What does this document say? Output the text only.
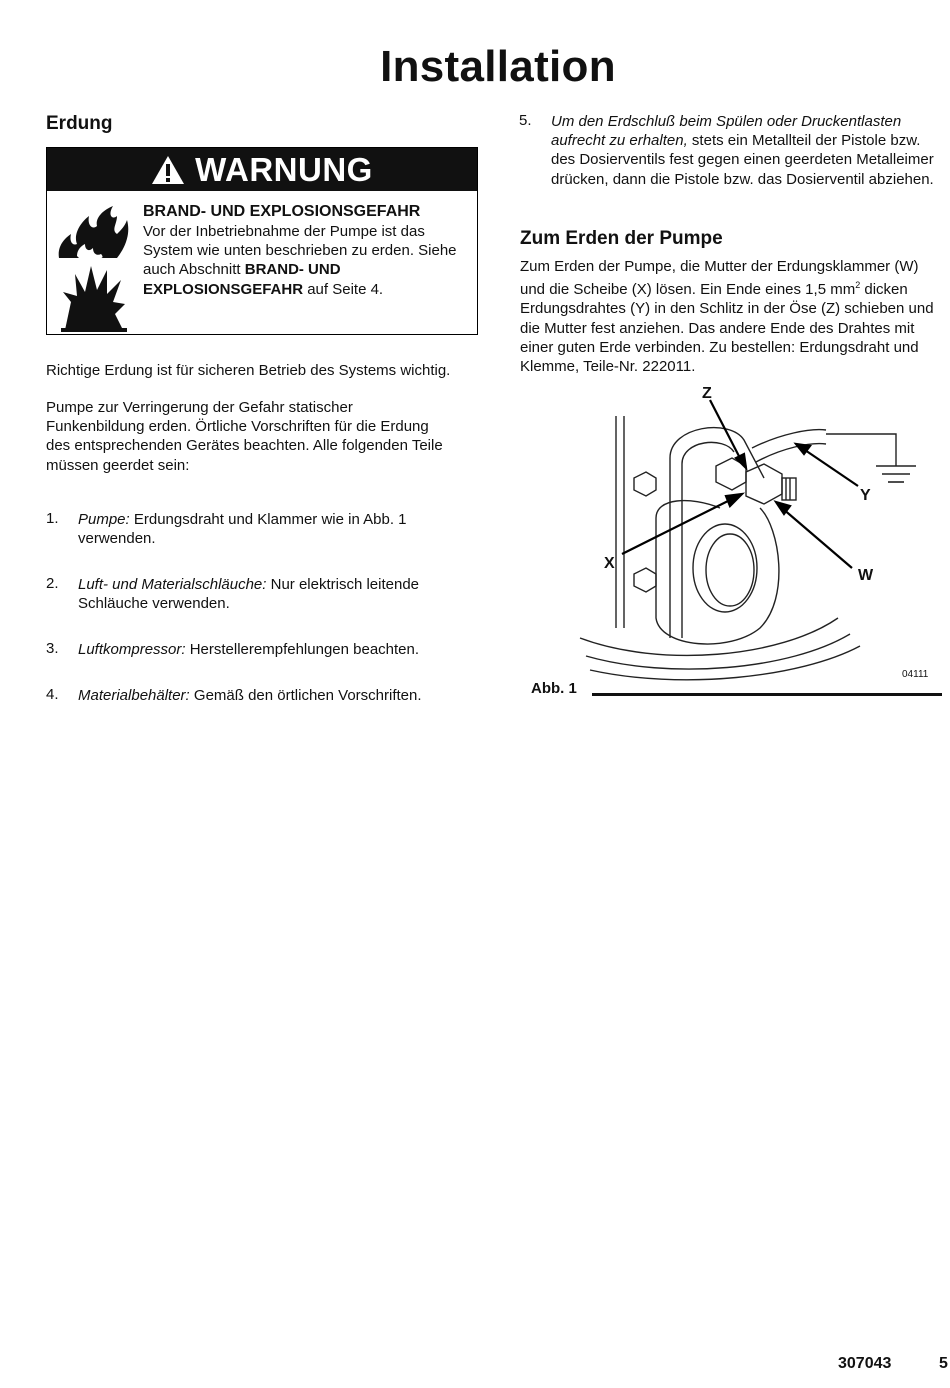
Installation
Erdung
WARNUNG

BRAND- UND EXPLOSIONSGEFAHR

Vor der Inbetriebnahme der Pumpe ist das System wie unten beschrieben zu erden. Siehe auch Abschnitt BRAND- UND EXPLOSIONSGEFAHR auf Seite 4.

Richtige Erdung ist für sicheren Betrieb des Systems wichtig.

Pumpe zur Verringerung der Gefahr statischer Funkenbildung erden. Örtliche Vorschriften für die Erdung des entsprechenden Gerätes beachten. Alle folgenden Teile müssen geerdet sein:

1. Pumpe: Erdungsdraht und Klammer wie in Abb. 1 verwenden.
2. Luft- und Materialschläuche: Nur elektrisch leitende Schläuche verwenden.
3. Luftkompressor: Herstellerempfehlungen beachten.
4. Materialbehälter: Gemäß den örtlichen Vorschriften.
5. Um den Erdschluß beim Spülen oder Druckentlasten aufrecht zu erhalten, stets ein Metallteil der Pistole bzw. des Dosierventils fest gegen einen geerdeten Metalleimer drücken, dann die Pistole bzw. das Dosierventil abziehen.
Zum Erden der Pumpe

Zum Erden der Pumpe, die Mutter der Erdungsklammer (W) und die Scheibe (X) lösen. Ein Ende eines 1,5 $mm^2$ dicken Erdungsdrahtes (Y) in den Schlitz in der Öse (Z) schieben und die Mutter fest anziehen. Das andere Ende des Drahtes mit einer guten Erde verbinden. Zu bestellen: Erdungsdraht und Klemme, Teile-Nr. 222011.

Z
Y
X
W
04111
Abb. 1
307043	5
